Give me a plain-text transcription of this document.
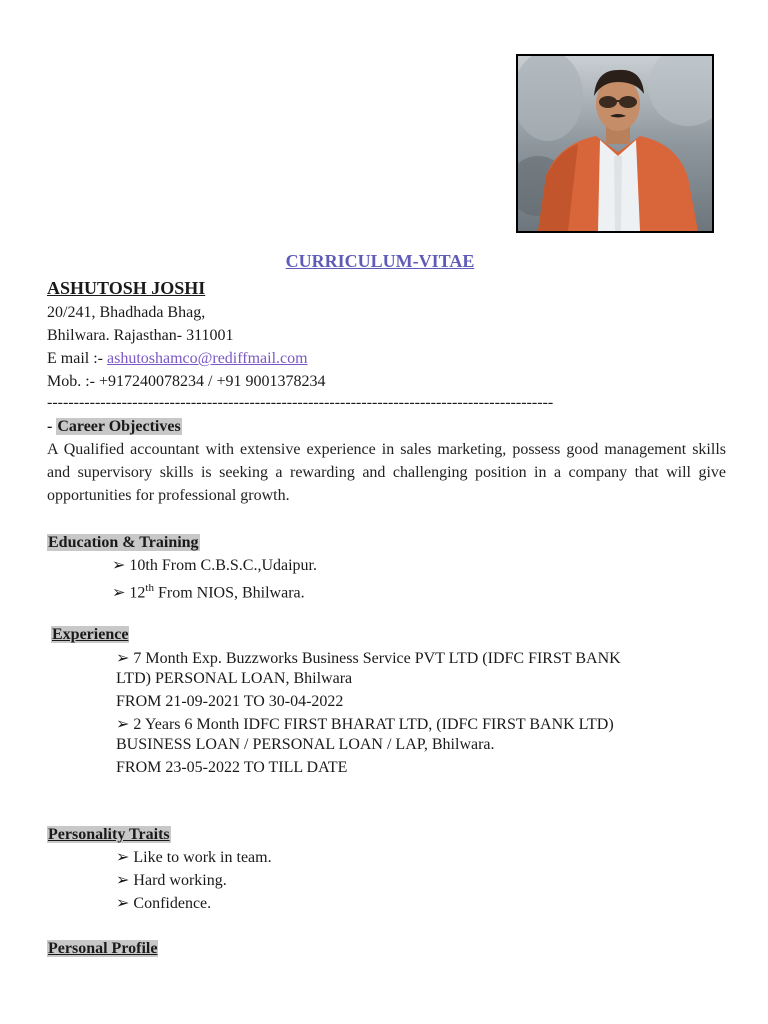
CURRICULUM-VITAE
ASHUTOSH JOSHI
20/241, Bhadhada Bhag,
Bhilwara. Rajasthan- 311001
E mail :- ashutoshamco@rediffmail.com
Mob. :- +917240078234 / +91 9001378234
-----------------------------------------------------------------------------------------------
- Career Objectives
A Qualified accountant with extensive experience in sales marketing, possess good management skills and supervisory skills is seeking a rewarding and challenging position in a company that will give opportunities for professional growth.
Education & Training
➢ 10th From C.B.S.C.,Udaipur.
➢ 12th From NIOS, Bhilwara.
Experience
➢ 7 Month Exp. Buzzworks Business Service PVT LTD (IDFC FIRST BANK
LTD) PERSONAL LOAN, Bhilwara
FROM 21-09-2021 TO 30-04-2022
➢ 2 Years 6 Month IDFC FIRST BHARAT LTD, (IDFC FIRST BANK LTD)
BUSINESS LOAN / PERSONAL LOAN / LAP, Bhilwara.
FROM 23-05-2022 TO TILL DATE
Personality Traits
➢ Like to work in team.
➢ Hard working.
➢ Confidence.
Personal Profile
